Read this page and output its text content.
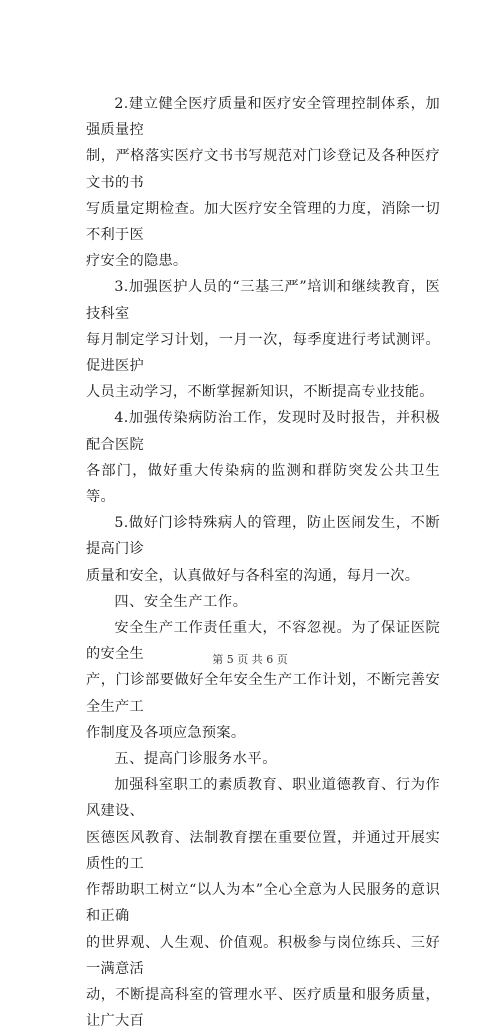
2.建立健全医疗质量和医疗安全管理控制体系，加强质量控
制，严格落实医疗文书书写规范对门诊登记及各种医疗文书的书
写质量定期检查。加大医疗安全管理的力度，消除一切不利于医
疗安全的隐患。

3.加强医护人员的“三基三严”培训和继续教育，医技科室
每月制定学习计划，一月一次，每季度进行考试测评。促进医护
人员主动学习，不断掌握新知识，不断提高专业技能。

4.加强传染病防治工作，发现时及时报告，并积极配合医院
各部门，做好重大传染病的监测和群防突发公共卫生等。

5.做好门诊特殊病人的管理，防止医闹发生，不断提高门诊
质量和安全，认真做好与各科室的沟通，每月一次。

四、安全生产工作。

安全生产工作责任重大，不容忽视。为了保证医院的安全生
产，门诊部要做好全年安全生产工作计划，不断完善安全生产工
作制度及各项应急预案。

五、提高门诊服务水平。

加强科室职工的素质教育、职业道德教育、行为作风建设、
医德医风教育、法制教育摆在重要位置，并通过开展实质性的工
作帮助职工树立“以人为本”全心全意为人民服务的意识和正确
的世界观、人生观、价值观。积极参与岗位练兵、三好一满意活
动，不断提高科室的管理水平、医疗质量和服务质量，让广大百

第 5 页 共 6 页
